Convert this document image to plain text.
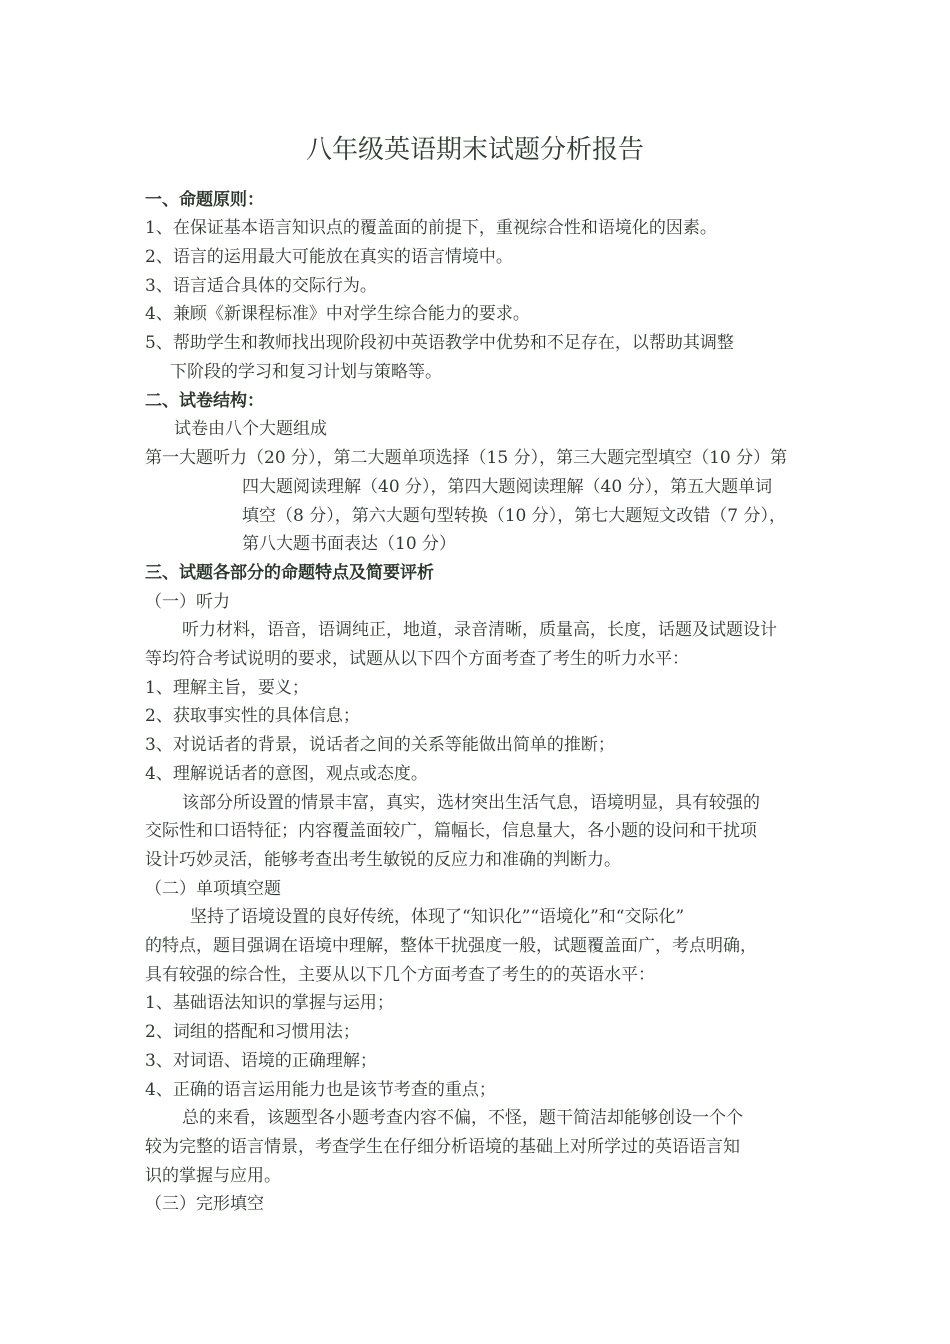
八年级英语期末试题分析报告
一、命题原则：
1、在保证基本语言知识点的覆盖面的前提下，重视综合性和语境化的因素。
2、语言的运用最大可能放在真实的语言情境中。
3、语言适合具体的交际行为。
4、兼顾《新课程标准》中对学生综合能力的要求。
5、帮助学生和教师找出现阶段初中英语教学中优势和不足存在，以帮助其调整
下阶段的学习和复习计划与策略等。
二、试卷结构：
试卷由八个大题组成
第一大题听力（20 分），第二大题单项选择（15 分），第三大题完型填空（10 分）第
四大题阅读理解（40 分），第四大题阅读理解（40 分），第五大题单词
填空（8 分），第六大题句型转换（10 分），第七大题短文改错（7 分），
第八大题书面表达（10 分）
三、试题各部分的命题特点及简要评析
（一）听力
听力材料，语音，语调纯正，地道，录音清晰，质量高，长度，话题及试题设计
等均符合考试说明的要求，试题从以下四个方面考查了考生的听力水平：
1、理解主旨，要义；
2、获取事实性的具体信息；
3、对说话者的背景，说话者之间的关系等能做出简单的推断；
4、理解说话者的意图，观点或态度。
该部分所设置的情景丰富，真实，选材突出生活气息，语境明显，具有较强的
交际性和口语特征；内容覆盖面较广，篇幅长，信息量大，各小题的设问和干扰项
设计巧妙灵活，能够考查出考生敏锐的反应力和准确的判断力。
（二）单项填空题
坚持了语境设置的良好传统，体现了“知识化”“语境化”和“交际化”
的特点，题目强调在语境中理解，整体干扰强度一般，试题覆盖面广，考点明确，
具有较强的综合性，主要从以下几个方面考查了考生的的英语水平：
1、基础语法知识的掌握与运用；
2、词组的搭配和习惯用法；
3、对词语、语境的正确理解；
4、正确的语言运用能力也是该节考查的重点；
总的来看，该题型各小题考查内容不偏，不怪，题干简洁却能够创设一个个
较为完整的语言情景，考查学生在仔细分析语境的基础上对所学过的英语语言知
识的掌握与应用。
（三）完形填空
